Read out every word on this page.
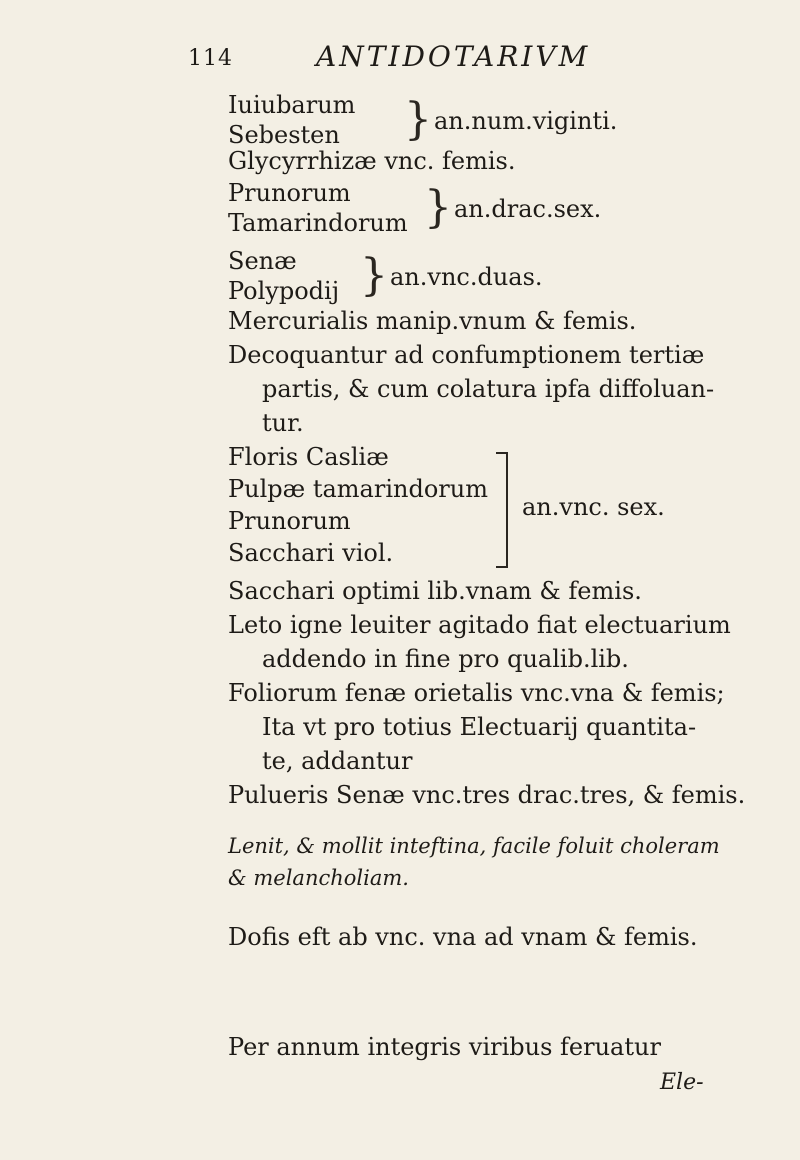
114	ANTIDOTARIVM
Iuiubarum
Sebesten } an.num.viginti.
Glycyrrhizæ vnc. femis.
Prunorum
Tamarindorum } an.drac.sex.
Senæ
Polypodij } an.vnc.duas.
Mercurialis manip.vnum & femis.
Decoquantur ad confumptionem tertiæ
partis, & cum colatura ipfa diffoluan-
tur.
Floris Casliæ
Pulpæ tamarindorum
Prunorum
Sacchari viol.
an.vnc. sex.
Sacchari optimi lib.vnam & femis.
Leto igne leuiter agitado fiat electuarium
addendo in fine pro qualib.lib.
Foliorum fenæ orietalis vnc.vna & femis;
Ita vt pro totius Electuarij quantita-
te, addantur
Pulueris Senæ vnc.tres drac.tres, & femis.
Lenit, & mollit inteftina, facile foluit choleram
& melancholiam.
Dofis eft ab vnc. vna ad vnam & femis.
Per annum integris viribus feruatur
Ele-
